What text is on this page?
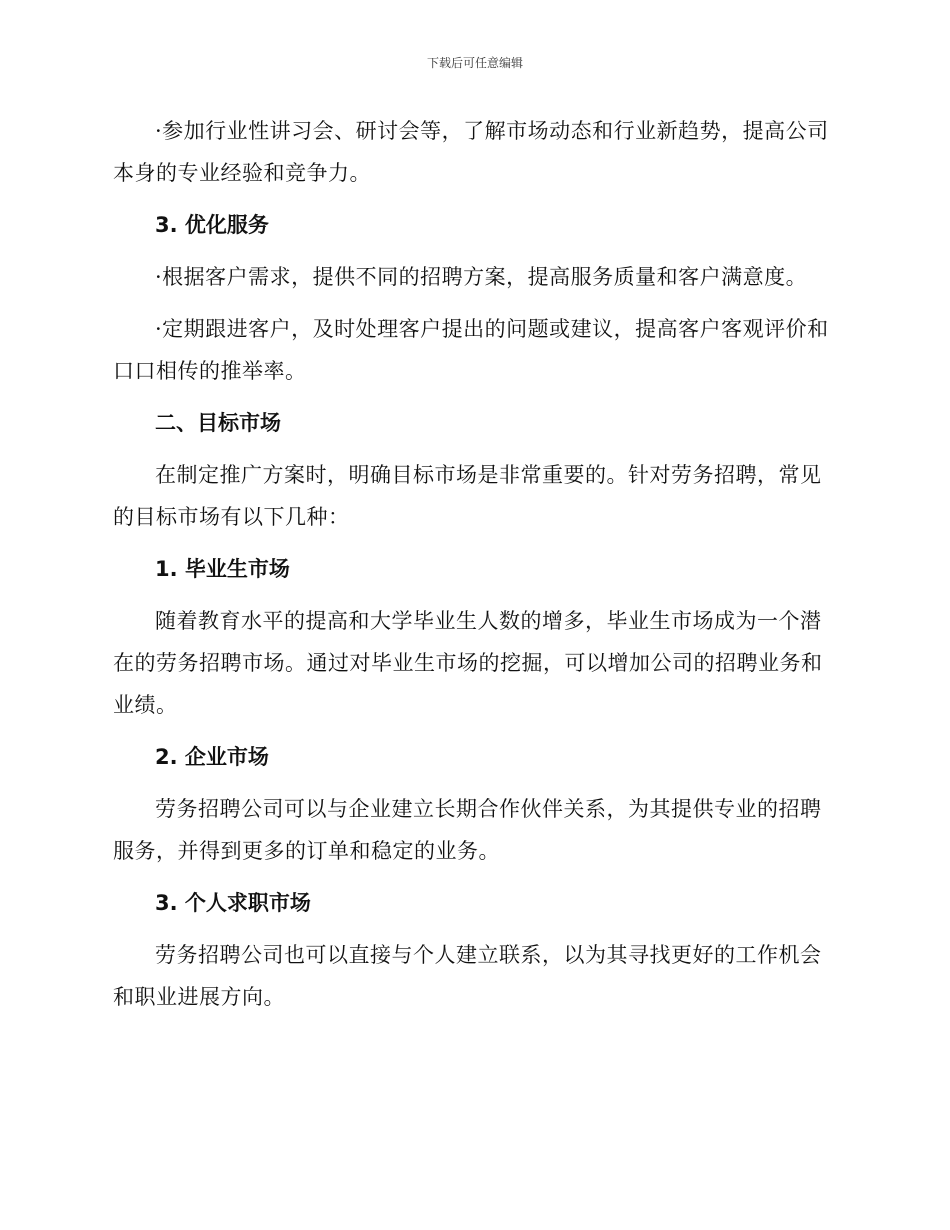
下载后可任意编辑

·参加行业性讲习会、研讨会等，了解市场动态和行业新趋势，提高公司本身的专业经验和竞争力。

3. 优化服务

·根据客户需求，提供不同的招聘方案，提高服务质量和客户满意度。

·定期跟进客户，及时处理客户提出的问题或建议，提高客户客观评价和口口相传的推举率。

二、目标市场

在制定推广方案时，明确目标市场是非常重要的。针对劳务招聘，常见的目标市场有以下几种：

1. 毕业生市场

随着教育水平的提高和大学毕业生人数的增多，毕业生市场成为一个潜在的劳务招聘市场。通过对毕业生市场的挖掘，可以增加公司的招聘业务和业绩。

2. 企业市场

劳务招聘公司可以与企业建立长期合作伙伴关系，为其提供专业的招聘服务，并得到更多的订单和稳定的业务。

3. 个人求职市场

劳务招聘公司也可以直接与个人建立联系，以为其寻找更好的工作机会和职业进展方向。
